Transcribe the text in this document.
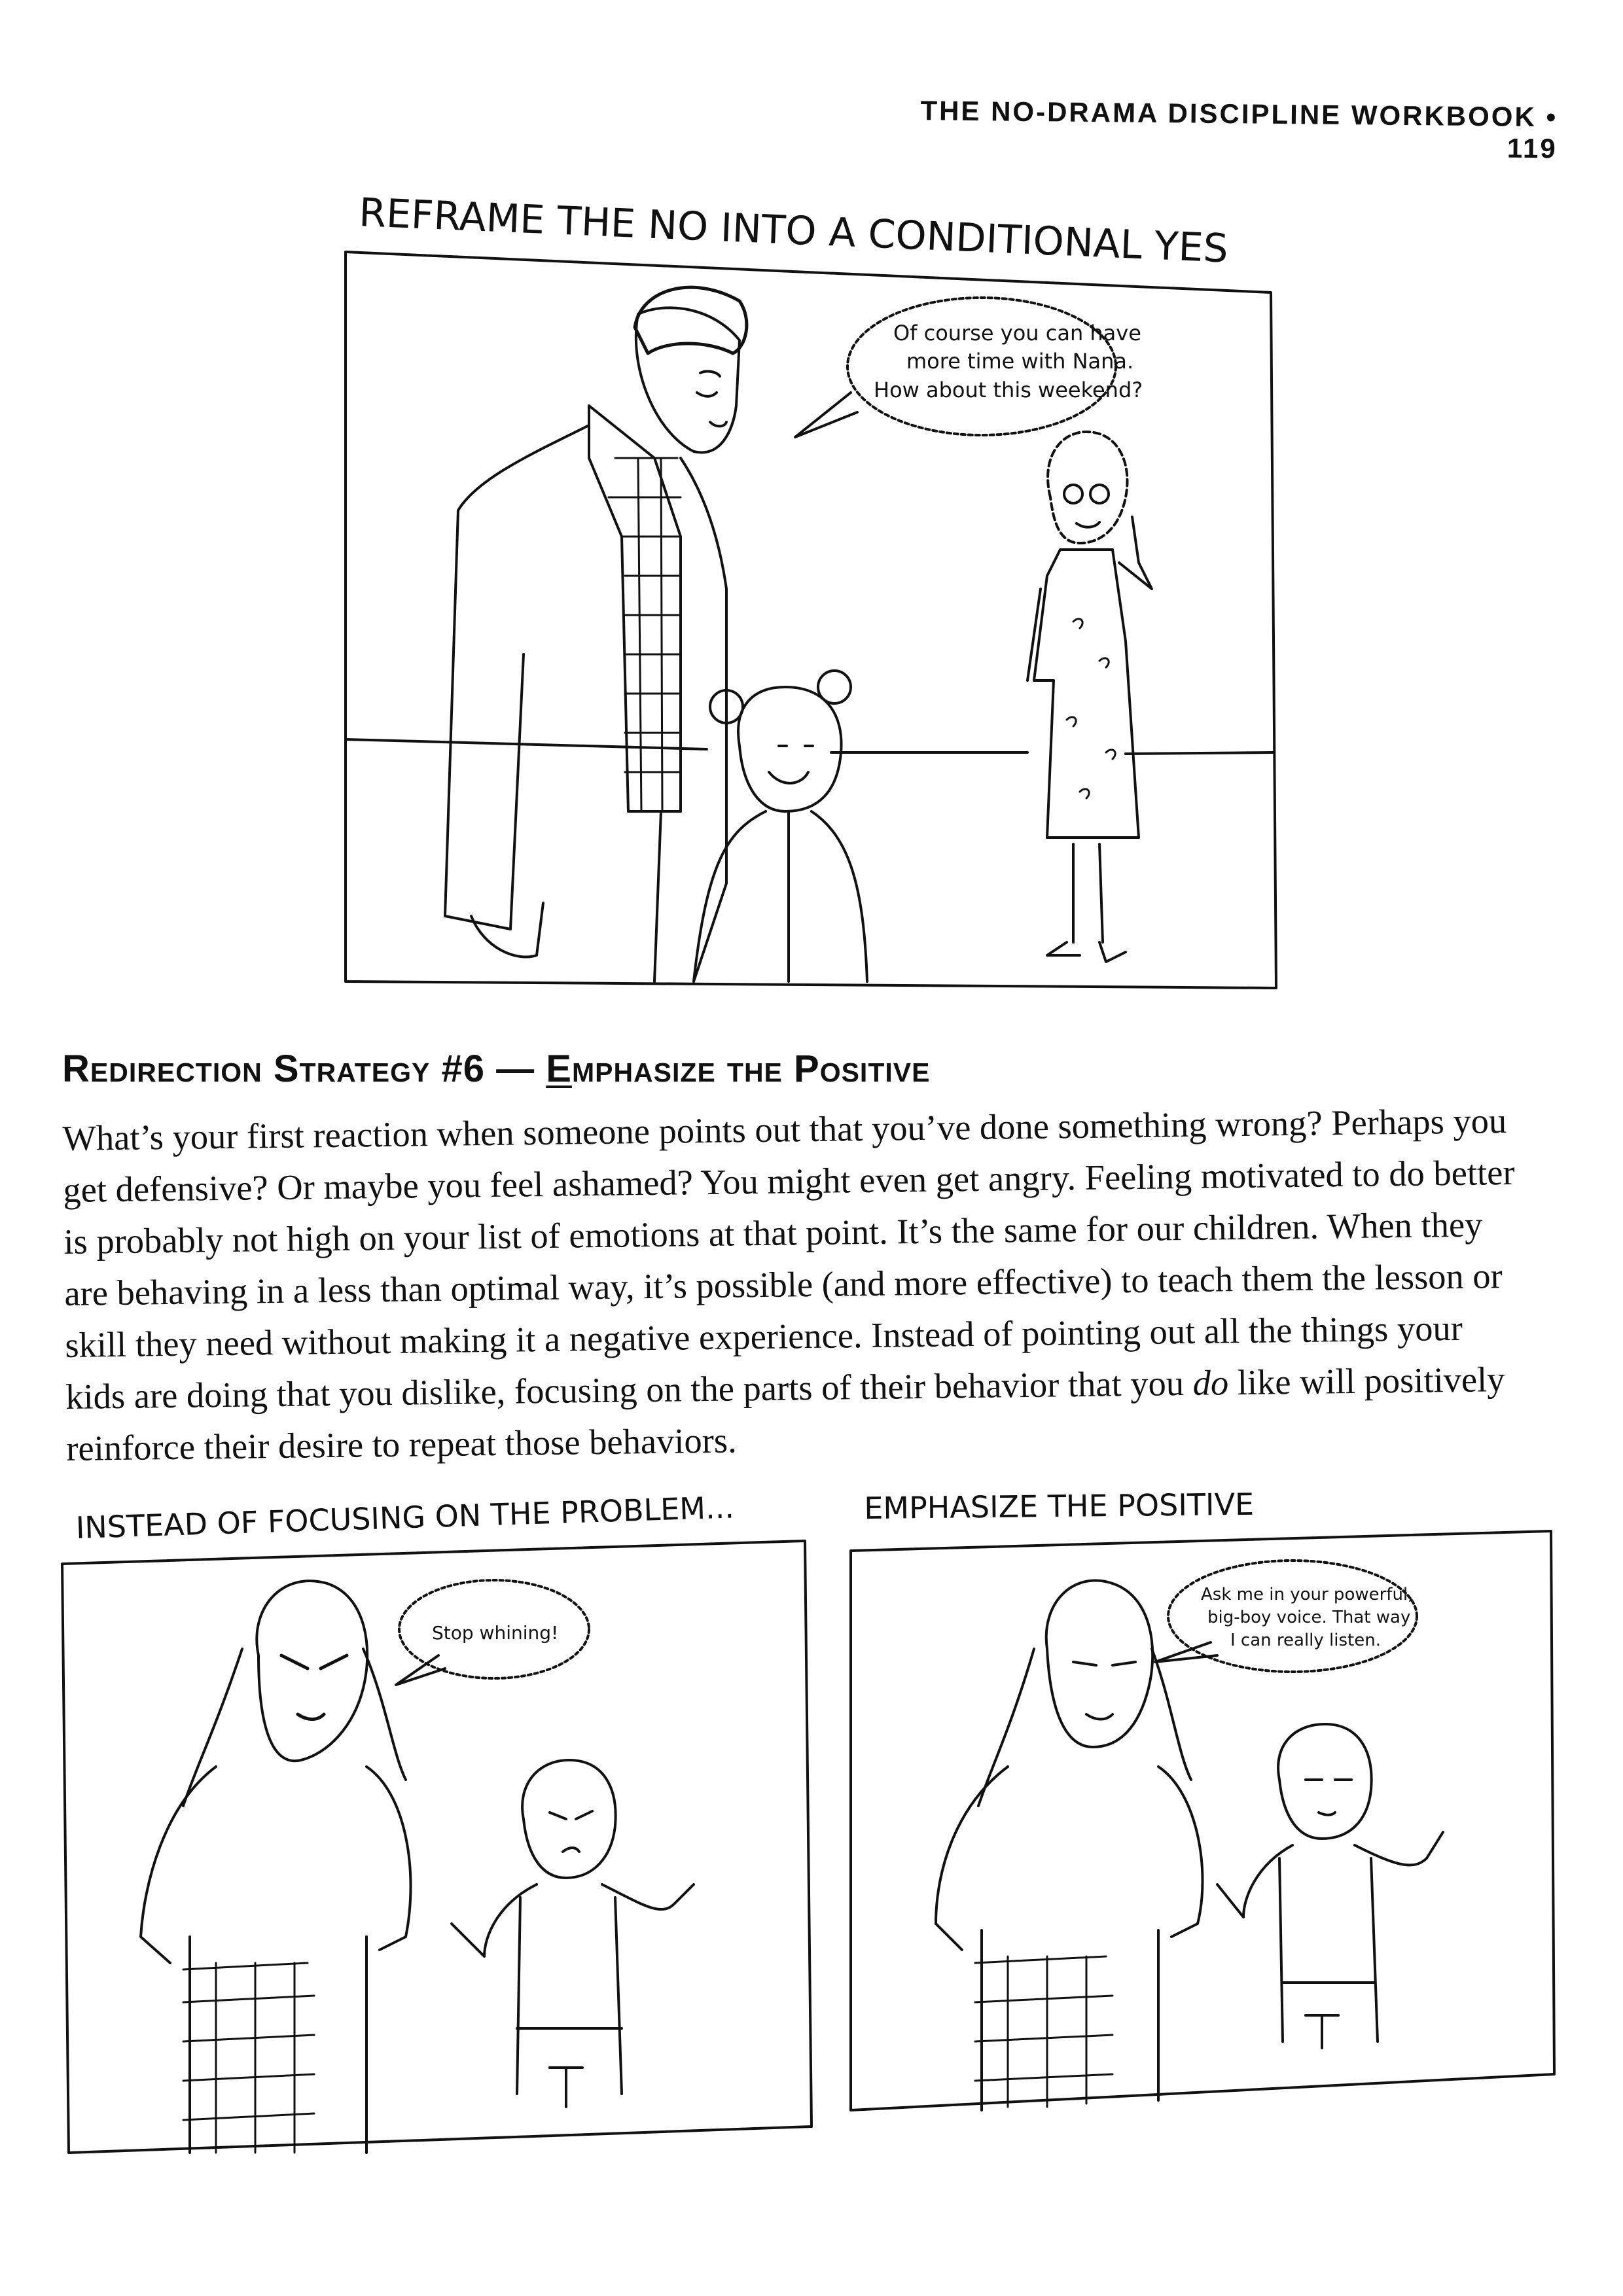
THE NO-DRAMA DISCIPLINE WORKBOOK • 119
REFRAME THE NO INTO A CONDITIONAL YES
Of course you can have
more time with Nana.
How about this weekend?
Redirection Strategy #6 — Emphasize the Positive
What’s your first reaction when someone points out that you’ve done something wrong? Perhaps you
get defensive? Or maybe you feel ashamed? You might even get angry. Feeling motivated to do better
is probably not high on your list of emotions at that point. It’s the same for our children. When they
are behaving in a less than optimal way, it’s possible (and more effective) to teach them the lesson or
skill they need without making it a negative experience. Instead of pointing out all the things your
kids are doing that you dislike, focusing on the parts of their behavior that you do like will positively
reinforce their desire to repeat those behaviors.
INSTEAD OF FOCUSING ON THE PROBLEM...	EMPHASIZE THE POSITIVE
Stop whining!
Ask me in your powerful,
big-boy voice. That way
I can really listen.
